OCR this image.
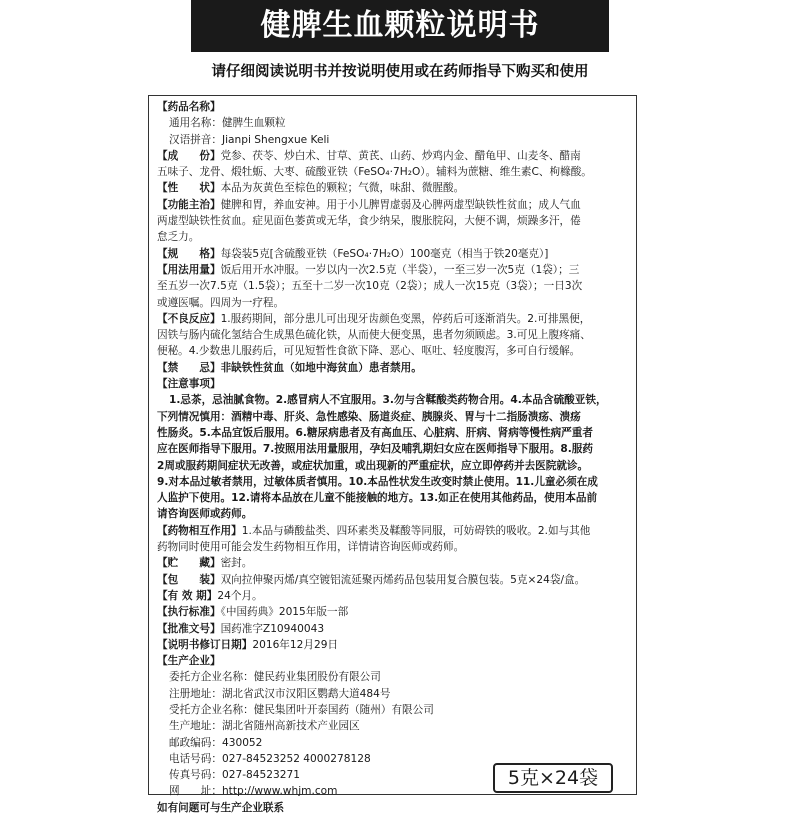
健脾生血颗粒说明书
请仔细阅读说明书并按说明使用或在药师指导下购买和使用
【药品名称】
通用名称：健脾生血颗粒
汉语拼音：Jianpi Shengxue Keli
【成　　份】党参、茯苓、炒白术、甘草、黄芪、山药、炒鸡内金、醋龟甲、山麦冬、醋南
五味子、龙骨、煅牡蛎、大枣、硫酸亚铁（FeSO₄·7H₂O）。辅料为蔗糖、维生素C、枸橼酸。
【性　　状】本品为灰黄色至棕色的颗粒；气微，味甜、微腥酸。
【功能主治】健脾和胃，养血安神。用于小儿脾胃虚弱及心脾两虚型缺铁性贫血；成人气血
两虚型缺铁性贫血。症见面色萎黄或无华，食少纳呆，腹胀脘闷，大便不调，烦躁多汗，倦
怠乏力。
【规　　格】每袋装5克[含硫酸亚铁（FeSO₄·7H₂O）100毫克（相当于铁20毫克）]
【用法用量】饭后用开水冲服。一岁以内一次2.5克（半袋），一至三岁一次5克（1袋）；三
至五岁一次7.5克（1.5袋）；五至十二岁一次10克（2袋）；成人一次15克（3袋）；一日3次
或遵医嘱。四周为一疗程。
【不良反应】1.服药期间，部分患儿可出现牙齿颜色变黑，停药后可逐渐消失。2.可排黑便，
因铁与肠内硫化氢结合生成黑色硫化铁，从而使大便变黑，患者勿须顾虑。3.可见上腹疼痛、
便秘。4.少数患儿服药后，可见短暂性食欲下降、恶心、呕吐、轻度腹泻，多可自行缓解。
【禁　　忌】非缺铁性贫血（如地中海贫血）患者禁用。
【注意事项】
1.忌茶，忌油腻食物。2.感冒病人不宜服用。3.勿与含鞣酸类药物合用。4.本品含硫酸亚铁，
下列情况慎用：酒精中毒、肝炎、急性感染、肠道炎症、胰腺炎、胃与十二指肠溃疡、溃疡
性肠炎。5.本品宜饭后服用。6.糖尿病患者及有高血压、心脏病、肝病、肾病等慢性病严重者
应在医师指导下服用。7.按照用法用量服用，孕妇及哺乳期妇女应在医师指导下服用。8.服药
2周或服药期间症状无改善，或症状加重，或出现新的严重症状，应立即停药并去医院就诊。
9.对本品过敏者禁用，过敏体质者慎用。10.本品性状发生改变时禁止使用。11.儿童必须在成
人监护下使用。12.请将本品放在儿童不能接触的地方。13.如正在使用其他药品，使用本品前
请咨询医师或药师。
【药物相互作用】1.本品与磷酸盐类、四环素类及鞣酸等同服，可妨碍铁的吸收。2.如与其他
药物同时使用可能会发生药物相互作用，详情请咨询医师或药师。
【贮　　藏】密封。
【包　　装】双向拉伸聚丙烯/真空镀铝流延聚丙烯药品包装用复合膜包装。5克×24袋/盒。
【有 效 期】24个月。
【执行标准】《中国药典》2015年版一部
【批准文号】国药准字Z10940043
【说明书修订日期】2016年12月29日
【生产企业】
委托方企业名称：健民药业集团股份有限公司
注册地址：湖北省武汉市汉阳区鹦鹉大道484号
受托方企业名称：健民集团叶开泰国药（随州）有限公司
生产地址：湖北省随州高新技术产业园区
邮政编码：430052
电话号码：027-84523252 4000278128
传真号码：027-84523271
网　　址：http://www.whjm.com
如有问题可与生产企业联系
5克×24袋
